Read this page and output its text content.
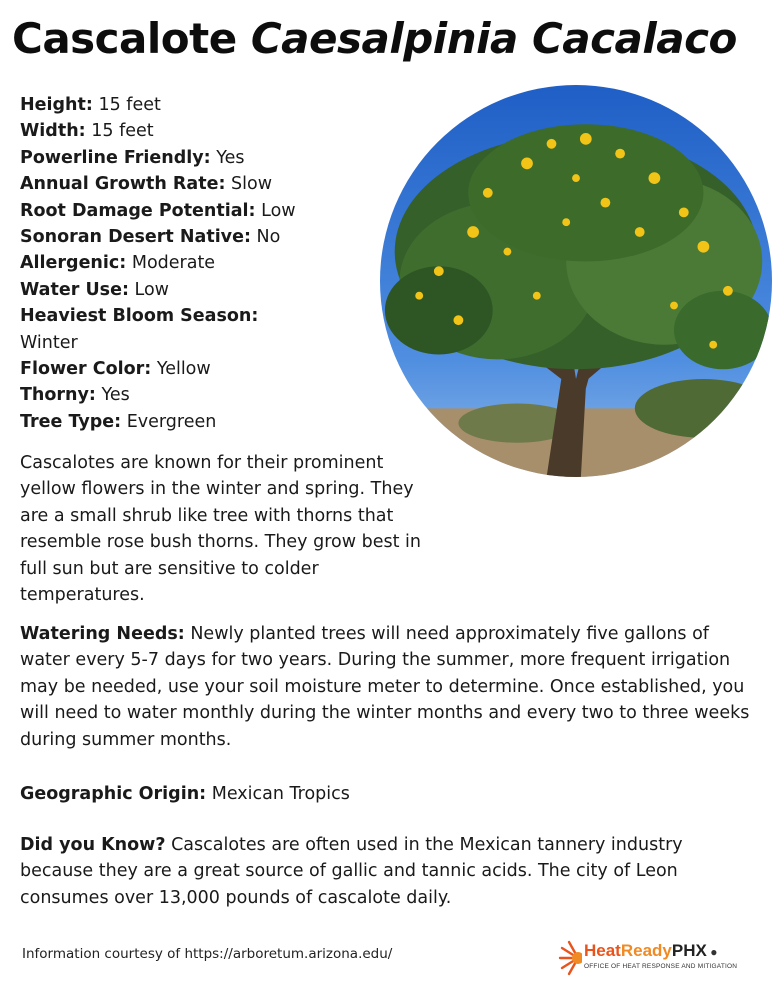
Cascalote Caesalpinia Cacalaco
Height: 15 feet
Width: 15 feet
Powerline Friendly: Yes
Annual Growth Rate: Slow
Root Damage Potential: Low
Sonoran Desert Native: No
Allergenic: Moderate
Water Use: Low
Heaviest Bloom Season:
Winter
Flower Color: Yellow
Thorny: Yes
Tree Type: Evergreen

Cascalotes are known for their prominent yellow flowers in the winter and spring. They are a small shrub like tree with thorns that resemble rose bush thorns. They grow best in full sun but are sensitive to colder temperatures.

Watering Needs: Newly planted trees will need approximately five gallons of water every 5-7 days for two years. During the summer, more frequent irrigation may be needed, use your soil moisture meter to determine. Once established, you will need to water monthly during the winter months and every two to three weeks during summer months.

Geographic Origin: Mexican Tropics

Did you Know? Cascalotes are often used in the Mexican tannery industry because they are a great source of gallic and tannic acids. The city of Leon consumes over 13,000 pounds of cascalote daily.

Information courtesy of https://arboretum.arizona.edu/	HeatReadyPHX ●
OFFICE OF HEAT RESPONSE AND MITIGATION
